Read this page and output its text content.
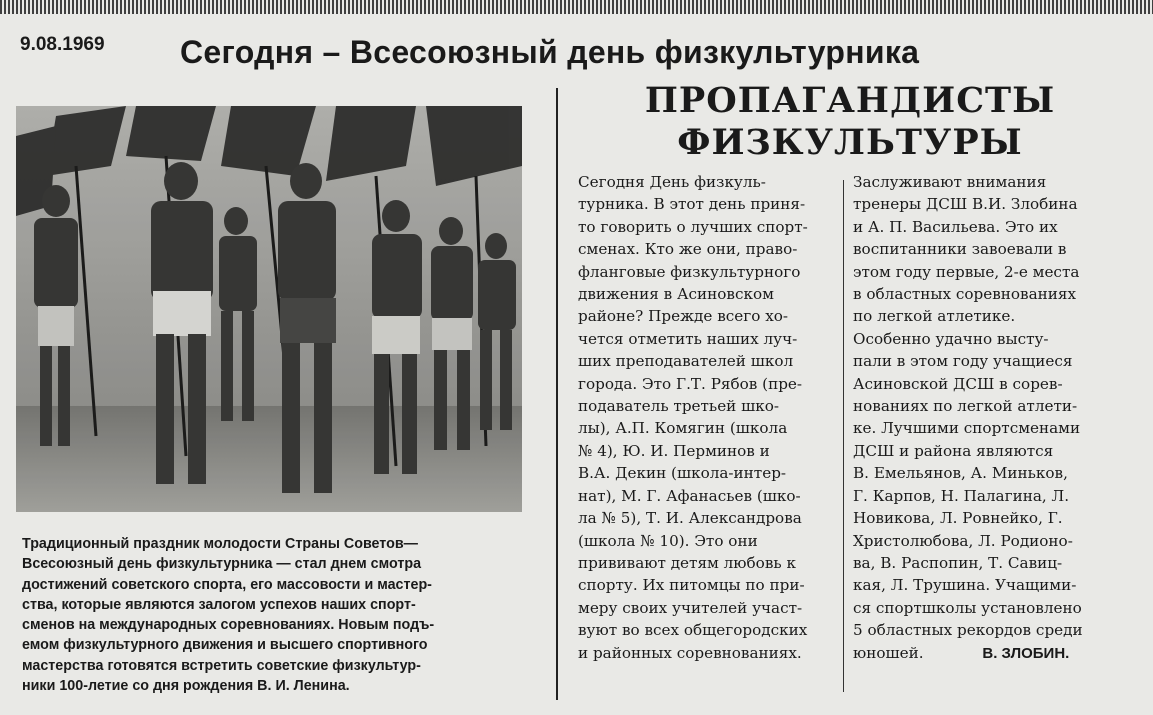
9.08.1969 Сегодня – Всесоюзный день физкультурника
Традиционный праздник молодости Страны Советов—
Всесоюзный день физкультурника — стал днем смотра
достижений советского спорта, его массовости и мастер-
ства, которые являются залогом успехов наших спорт-
сменов на международных соревнованиях. Новым подъ-
емом физкультурного движения и высшего спортивного
мастерства готовятся встретить советские физкультур-
ники 100-летие со дня рождения В. И. Ленина.
ПРОПАГАНДИСТЫ
ФИЗКУЛЬТУРЫ
Сегодня День физкуль-
турника. В этот день приня-
то говорить о лучших спорт-
сменах. Кто же они, право-
фланговые физкультурного
движения в Асиновском
районе? Прежде всего хо-
чется отметить наших луч-
ших преподавателей школ
города. Это Г.Т. Рябов (пре-
подаватель третьей шко-
лы), А.П. Комягин (школа
№ 4), Ю. И. Перминов и
В.А. Декин (школа-интер-
нат), М. Г. Афанасьев (шко-
ла № 5), Т. И. Александрова
(школа № 10). Это они
прививают детям любовь к
спорту. Их питомцы по при-
меру своих учителей участ-
вуют во всех общегородских
и районных соревнованиях.
Заслуживают внимания
тренеры ДСШ В.И. Злобина
и А. П. Васильева. Это их
воспитанники завоевали в
этом году первые, 2-е места
в областных соревнованиях
по легкой атлетике.
Особенно удачно высту-
пали в этом году учащиеся
Асиновской ДСШ в сорев-
нованиях по легкой атлети-
ке. Лучшими спортсменами
ДСШ и района являются
В. Емельянов, А. Миньков,
Г. Карпов, Н. Палагина, Л.
Новикова, Л. Ровнейко, Г.
Христолюбова, Л. Родионо-
ва, В. Распопин, Т. Савиц-
кая, Л. Трушина. Учащими-
ся спортшколы установлено
5 областных рекордов среди
юношей.	В. ЗЛОБИН.
